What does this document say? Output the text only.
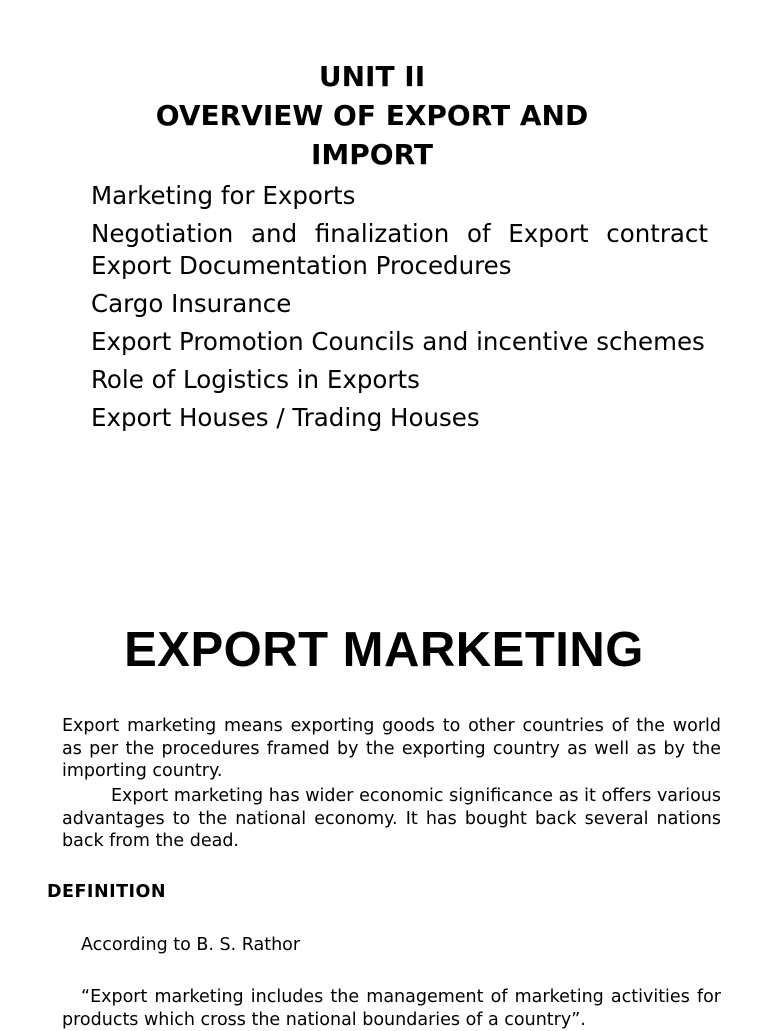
UNIT II
OVERVIEW OF EXPORT AND
IMPORT
Marketing for Exports
Negotiation and finalization of Export contract Export Documentation Procedures
Cargo Insurance
Export Promotion Councils and incentive schemes
Role of Logistics in Exports
Export Houses / Trading Houses
EXPORT MARKETING

Export marketing means exporting goods to other countries of the world as per the procedures framed by the exporting country as well as by the importing country.

Export marketing has wider economic significance as it offers various advantages to the national economy. It has bought back several nations back from the dead.

DEFINITION

According to B. S. Rathor

“Export marketing includes the management of marketing activities for products which cross the national boundaries of a country”.
